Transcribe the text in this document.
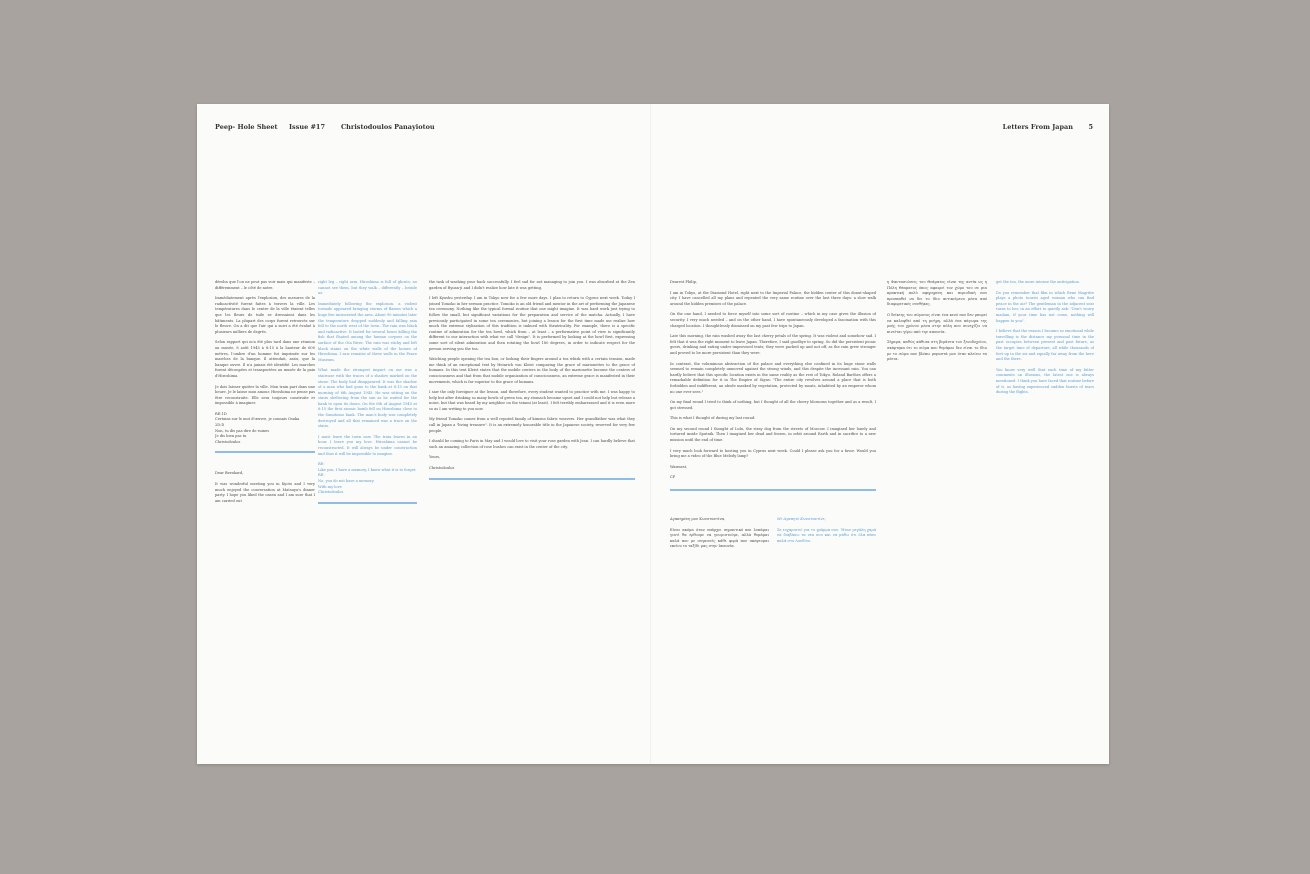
Peep- Hole Sheet Issue #17 Christodoulos Panayiotou	Letters From Japan 5

déroba que l'on ne peut pas voir mais qui manifeste – différemment – le côté de notre.

Immédiatement après l'explosion, des mesures de la radioactivité furent faites à travers la ville. Les températures dans le centre de la ville étaient telles que les fleurs de tuile se dressaient dans les bâtiments. La plupart des corps furent retrouvés sur le fleuve. On a dit que l'air qui a suivi a été évalué à plusieurs milliers de degrés.

Selon rapport qui m'a été plus tard dans une réunion au musée, 8 août 1945 à 8:15 à la hauteur de 600 mètres, l'ombre d'un homme fut imprimée sur les marches de la banque. Il attendait, assis, que la banque ouvre. Il n'a jamais été identifié. Les marches furent découpées et transportées au musée de la paix d'Hiroshima.

Je dois laisser quitter la ville. Mon train part dans une heure. Je le laisse mon amour. Hiroshima ne pense pas être reconstruite. Elle sera toujours construite et impossible à imaginer.

RE:1D
Certains sur le mot d'œuvre, je connais Osaka
2D:D
Non, tu dis pas dire de ruines
Je dis bien pas tu
Christodoulos

Dear Bernhard,

It was wonderful meeting you in Kyoto and I very much enjoyed the conversation at Matsuya's dinner party. I hope you liked the onsen and I am sure that I am carried out

right leg – right arm. Hiroshima is full of ghosts; no cannot see them, but they walk – differently – beside us.

Immediately following the explosion, a violent tornado appeared bringing storms of flames which a huge fire incinerated the area. About 90 minutes later the temperature dropped suddenly and falling rain fell to the north west of the town. The rain was black and radioactive. It lasted for several hours killing the fish that floated among the human corpses on the surface of the Ota River. The rain was sticky and left black stains on the white walls of the homes of Hiroshima. I saw remains of these walls in the Peace Museum.

What made the strongest impact on me was a staircase with the traces of a shadow marked on the stone. The body had disappeared. It was the shadow of a man who had gone to the bank at 8:15 on that morning of 6th August 1945. He was sitting on the stairs sheltering from the sun as he waited for the bank to open its doors. On the 6th of August 1945 at 8:15 the first atomic bomb fell on Hiroshima close to the Sumitomo bank. The man's body was completely destroyed and all that remained was a trace on the stairs.

I must leave the town now. The train leaves in an hour. I leave you my love. Hiroshima cannot be reconstructed. It will always be under construction and thus it will be impossible to imagine.

RE:
Like you, I have a memory, I know what it is to forget.
RE:
No, you do not have a memory.
With my love
Christodoulos

the task of washing your back successfully. I feel sad for not managing to join you. I was absorbed at the Zen garden of Ryoan-ji and I didn't realize how late it was getting.

I left Kyushu yesterday. I am in Tokyo now for a few more days. I plan to return to Cyprus next week. Today I joined Tomoko in her sermon practice. Tomoko is an old friend and mentor in the art of performing the Japanese tea ceremony. Nothing like the typical formal routine that one might imagine. It was hard work just trying to follow the small, but significant variations for the preparation and service of the matcha. Actually, I have previously participated in some tea ceremonies, but joining a lesson for the first time made me realize how much the extreme stylization of this tradition is imbued with theatricality. For example, there is a specific routine of admiration for the tea bowl, which from – at least – a performative point of view is significantly different to our interaction with what we call "design". It is performed by looking at the bowl first, expressing some sort of silent admiration and then rotating the bowl 180 degrees, in order to indicate respect for the person serving you the tea.

Watching people opening the tea box, or looking their fingers around a tea whisk with a certain tension, made me think of an exceptional text by Heinrich von Kleist comparing the grace of marionettes to the grace of humans. In this text Kleist states that the mobile centers in the body of the marionette become the centers of consciousness and that from that mobile organization of consciousness, an extreme grace is manifested in their movements, which is far superior to the grace of humans.

I saw the only foreigner at the lesson, and therefore, every student wanted to practice with me. I was happy to help but after drinking so many bowls of green tea, my stomach became upset and I could not help but release a noise, but that was heard by my neighbor on the tatami (at least). I felt terribly embarrassed and it is even more so as I am writing to you now.

My friend Tomoko comes from a well reputed family of kimono fabric weavers. Her grandfather was what they call in Japan a "living treasure". It is an extremely honorable title in the Japanese society, reserved for very few people.

I should be coming to Paris in May and I would love to visit your rose garden with Jean. I can hardly believe that such an amazing collection of rose bushes can exist in the center of the city.

Yours,

Christodoulos

Dearest Philip,

I am in Tokyo, at the Diamond Hotel, right next to the Imperial Palace, the hidden center of this donut-shaped city. I have cancelled all my plans and repeated the very same routine over the last three days: a slow walk around the hidden premises of the palace.

On the one hand, I needed to force myself into some sort of routine – which in my case gives the illusion of security. I very much needed – and on the other hand, I have spontaneously developed a fascination with this charged location. I thoughtlessly dismissed on my past few trips to Japan.

Late this morning, the rain washed away the last cherry petals of the spring. It was violent and somehow sad. I felt that it was the right moment to leave Japan. Therefore, I said goodbye to spring. So did the persistent picnic goers, drinking and eating under improvised tents; they were packed up and not off, as the rain grew stronger and proved to be more persistent than they were.

In contrast, the voluminous abstraction of the palace and everything else confined in its huge stone walls seemed to remain completely unmoved against the strong winds, and this despite the incessant rain. You can hardly believe that this specific location exists in the same reality as the rest of Tokyo. Roland Barthes offers a remarkable definition for it in The Empire of Signs: "The entire city revolves around a place that is both forbidden and indifferent, an abode masked by vegetation, protected by moats, inhabited by an emperor whom no one ever sees."

On my final round I tried to think of nothing, but I thought of all the cherry blossoms together and as a result, I got stressed.

This is what I thought of during my last round:

On my second round I thought of Lulu, the stray dog from the streets of Moscow. I imagined her lonely and tortured inside Sputnik. Then I imagined her dead and frozen, in orbit around Earth and in sacrifice to a new mission until the end of time.

I very much look forward to hosting you in Cyprus next week. Could I please ask you for a favor. Would you bring me a video of the Blue Melody lamp?

Warmest,

CP

Αγαπημένη μου Κωνσταντίνα,

Είναι ακόμα όταν υπάρχει σημαντικό και λυπάμαι γιατί θα έρθουμε να γνωριστούμε, αλλά θυμάμαι καλά που με συγκινείς κάθε φορά που σκέφτομαι εκείνο το ταξίδι μας στην Ιαπωνία.

Mr Αγαπητέ Κωνσταντίνε,

Σε ευχαριστώ για το γράμμα σου. Ήταν μεγάλη χαρά να διαβάσω τα νέα σου και να μάθω ότι όλα πάνε καλά στο Λονδίνο.

η Φαντασιώσεις του Θεάματος είναι της αντίκ ως η Πόλη Θέαματος όπως αφαιρεί τον χώρο του σε μια πρακτική πολύ αφηρημένη και περιοδική που προσπαθεί να δει το ίδιο αντικείμενο μέσα από διαφορετικές συνθήκες.

Ο δείκτης του σώματος είναι ένα κενό που δεν μπορεί να καλυφθεί από τη μνήμη, αλλά ένα πάγωμα της ροής του χρόνου μέσα στην πόλη που συνεχίζει να κινείται γύρω από την απουσία.

Σήμερα, καθώς κάθισα στη βεράντα του ξενοδοχείου, σκέφτηκα ότι το σώμα που θυμάμαι δεν είναι το ίδιο με το σώμα που βλέπω μπροστά μου όταν κλείνω τα μάτια.

get the tea, the more intense the anticipation.

Do you remember that film in which Rene Magritte plays a photo tourist aged woman who can find peace in the air? The gentleman in the adjacent seat turns to her, in an effort to quietly ask: "Don't worry madam, if your time has not come, nothing will happen to you".

I believe that the reason I became so emotional while travelling is the distance my personal time in the past occupies between present and past future, as the target time of departure, all while thousands of feet up in the air and equally far away from the here and the there.

You know very well that each time of my bitter comments on illusions, the latest one is always mentioned. I think you have faced that routine before of it, as having experienced sudden bursts of tears during the flights.
